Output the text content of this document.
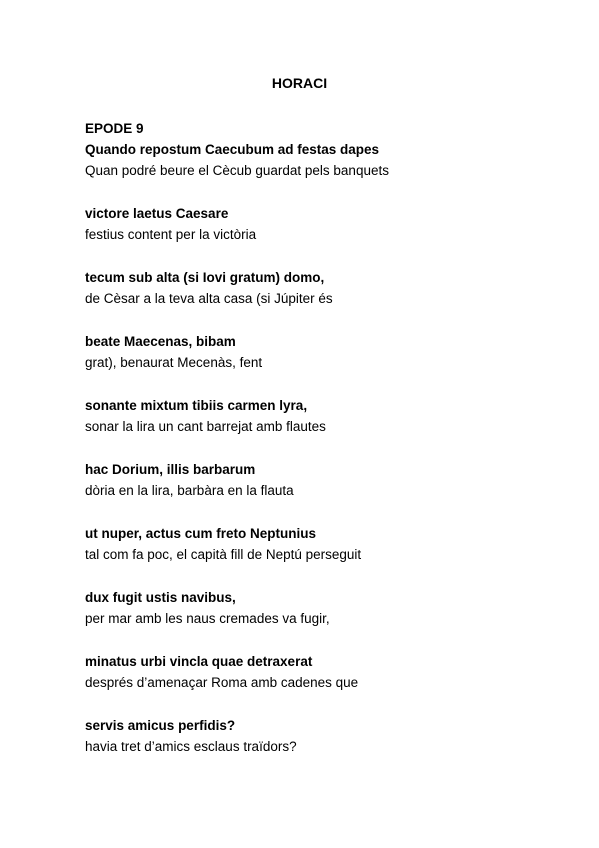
HORACI
EPODE 9
Quando repostum Caecubum ad festas dapes
Quan podré beure el Cècub guardat pels banquets
victore laetus Caesare
festius content per la victòria
tecum sub alta (si Iovi gratum) domo,
de Cèsar a la teva alta casa (si Júpiter és
beate Maecenas, bibam
grat), benaurat Mecenàs, fent
sonante mixtum tibiis carmen lyra,
sonar la lira un cant barrejat amb flautes
hac Dorium, illis barbarum
dòria en la lira, barbàra en la flauta
ut nuper, actus cum freto Neptunius
tal com fa poc, el capità fill de Neptú perseguit
dux fugit ustis navibus,
per mar amb les naus cremades va fugir,
minatus urbi vincla quae detraxerat
després d’amenaçar Roma amb cadenes que
servis amicus perfidis?
havia tret d’amics esclaus traïdors?
